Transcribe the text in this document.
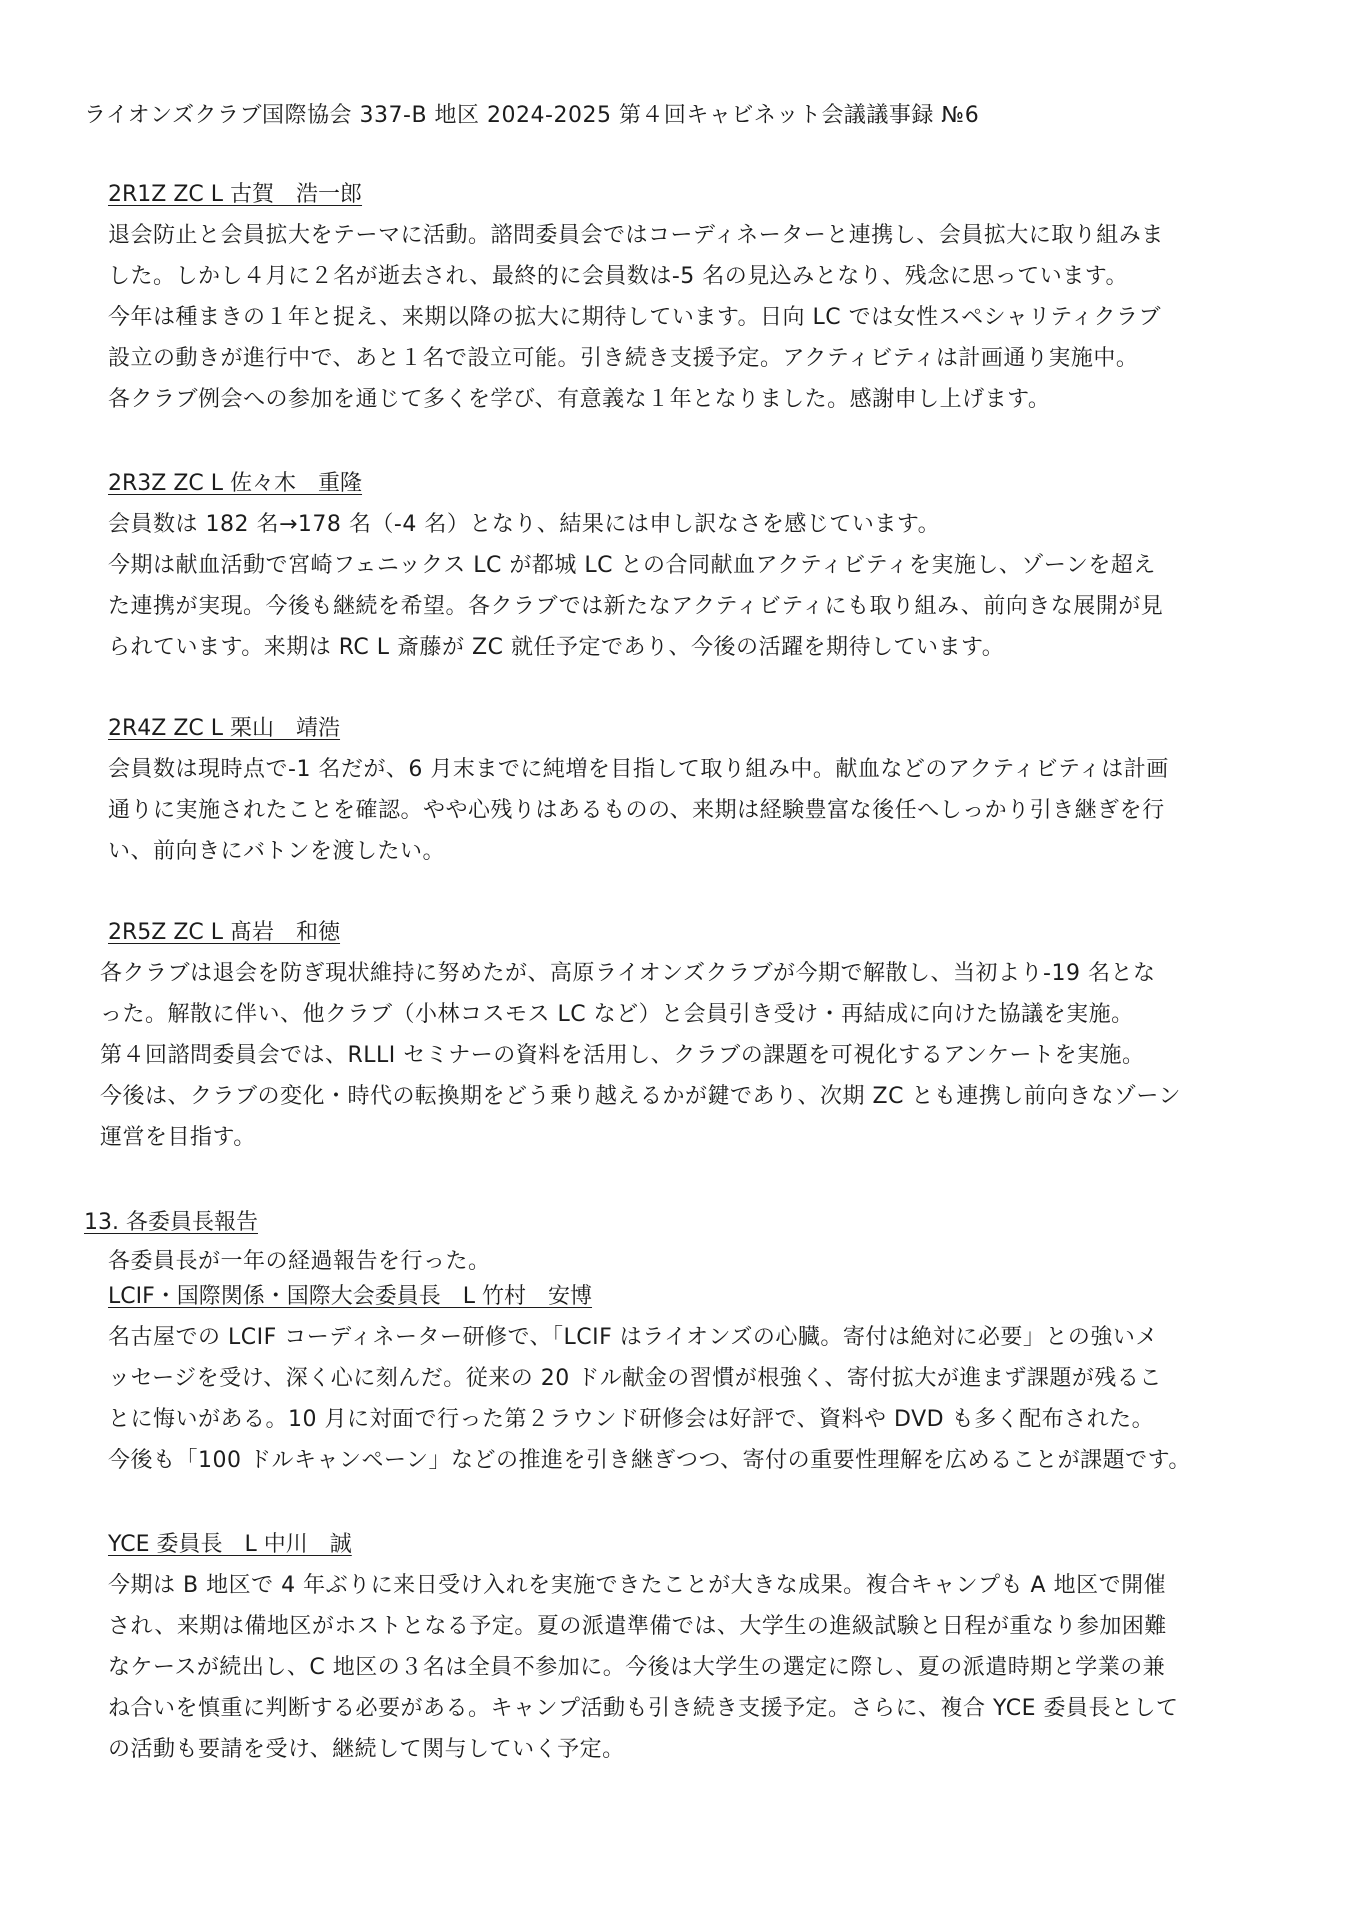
ライオンズクラブ国際協会 337-B 地区 2024-2025 第４回キャビネット会議議事録 №6
2R1Z ZC L 古賀　浩一郎

退会防止と会員拡大をテーマに活動。諮問委員会ではコーディネーターと連携し、会員拡大に取り組みま
した。しかし４月に２名が逝去され、最終的に会員数は-5 名の見込みとなり、残念に思っています。
今年は種まきの１年と捉え、来期以降の拡大に期待しています。日向 LC では女性スペシャリティクラブ
設立の動きが進行中で、あと１名で設立可能。引き続き支援予定。アクティビティは計画通り実施中。
各クラブ例会への参加を通じて多くを学び、有意義な１年となりました。感謝申し上げます。

2R3Z ZC L 佐々木　重隆

会員数は 182 名→178 名（-4 名）となり、結果には申し訳なさを感じています。
今期は献血活動で宮崎フェニックス LC が都城 LC との合同献血アクティビティを実施し、ゾーンを超え
た連携が実現。今後も継続を希望。各クラブでは新たなアクティビティにも取り組み、前向きな展開が見
られています。来期は RC L 斎藤が ZC 就任予定であり、今後の活躍を期待しています。

2R4Z ZC L 栗山　靖浩

会員数は現時点で-1 名だが、6 月末までに純増を目指して取り組み中。献血などのアクティビティは計画
通りに実施されたことを確認。やや心残りはあるものの、来期は経験豊富な後任へしっかり引き継ぎを行
い、前向きにバトンを渡したい。

2R5Z ZC L 髙岩　和徳

各クラブは退会を防ぎ現状維持に努めたが、高原ライオンズクラブが今期で解散し、当初より-19 名とな
った。解散に伴い、他クラブ（小林コスモス LC など）と会員引き受け・再結成に向けた協議を実施。
第４回諮問委員会では、RLLI セミナーの資料を活用し、クラブの課題を可視化するアンケートを実施。
今後は、クラブの変化・時代の転換期をどう乗り越えるかが鍵であり、次期 ZC とも連携し前向きなゾーン
運営を目指す。

13. 各委員長報告

各委員長が一年の経過報告を行った。

LCIF・国際関係・国際大会委員長　L 竹村　安博

名古屋での LCIF コーディネーター研修で、「LCIF はライオンズの心臓。寄付は絶対に必要」との強いメ
ッセージを受け、深く心に刻んだ。従来の 20 ドル献金の習慣が根強く、寄付拡大が進まず課題が残るこ
とに悔いがある。10 月に対面で行った第２ラウンド研修会は好評で、資料や DVD も多く配布された。
今後も「100 ドルキャンペーン」などの推進を引き継ぎつつ、寄付の重要性理解を広めることが課題です。

YCE 委員長　L 中川　誠

今期は B 地区で 4 年ぶりに来日受け入れを実施できたことが大きな成果。複合キャンプも A 地区で開催
され、来期は備地区がホストとなる予定。夏の派遣準備では、大学生の進級試験と日程が重なり参加困難
なケースが続出し、C 地区の３名は全員不参加に。今後は大学生の選定に際し、夏の派遣時期と学業の兼
ね合いを慎重に判断する必要がある。キャンプ活動も引き続き支援予定。さらに、複合 YCE 委員長として
の活動も要請を受け、継続して関与していく予定。
